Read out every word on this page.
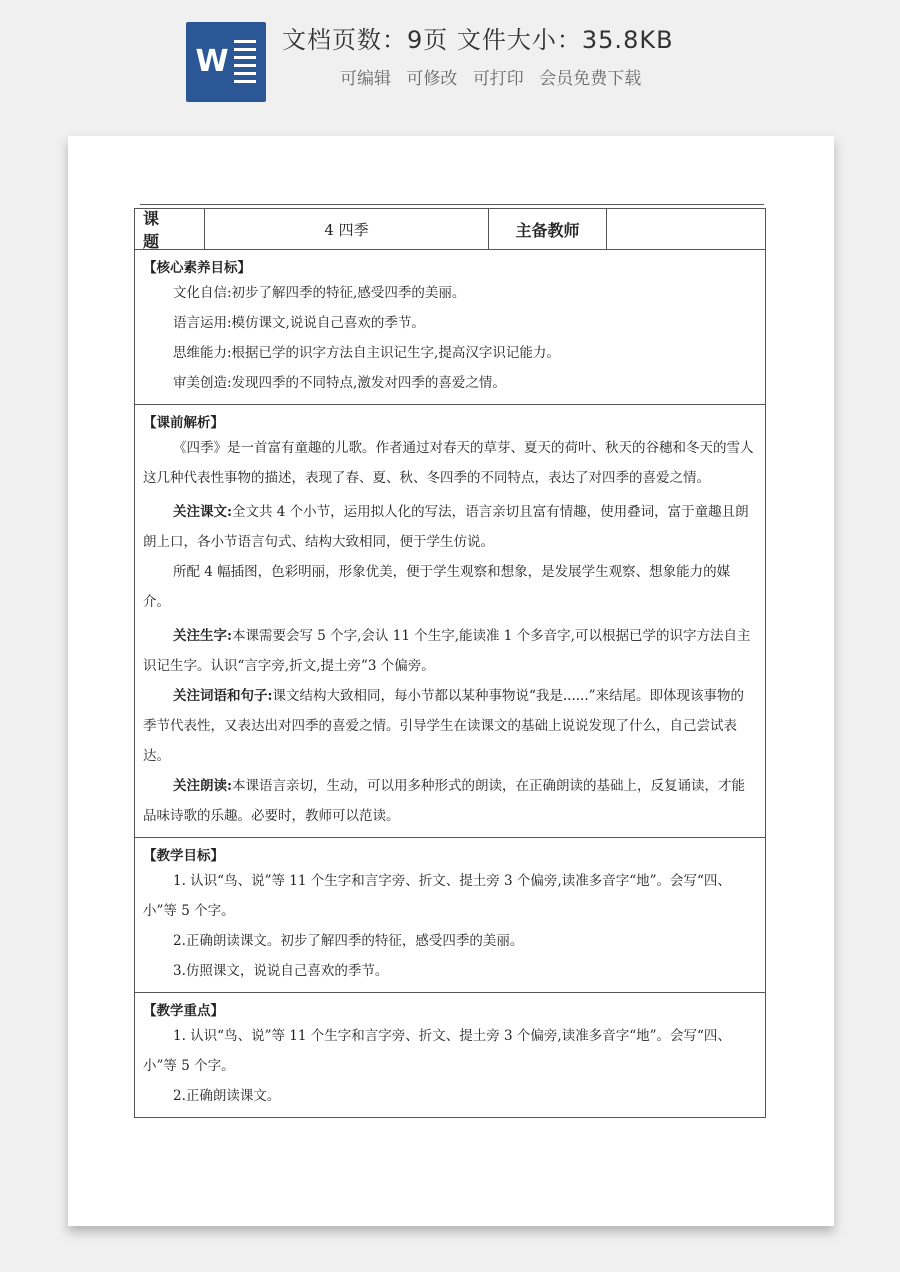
W
文档页数：9页 文件大小：35.8KB
可编辑 可修改 可打印 会员免费下载
课 题
4 四季	主备教师
【核心素养目标】
文化自信:初步了解四季的特征,感受四季的美丽。
语言运用:模仿课文,说说自己喜欢的季节。
思维能力:根据已学的识字方法自主识记生字,提高汉字识记能力。
审美创造:发现四季的不同特点,激发对四季的喜爱之情。
【课前解析】

《四季》是一首富有童趣的儿歌。作者通过对春天的草芽、夏天的荷叶、秋天的谷穗和冬天的雪人这几种代表性事物的描述，表现了春、夏、秋、冬四季的不同特点，表达了对四季的喜爱之情。

关注课文:全文共 4 个小节，运用拟人化的写法，语言亲切且富有情趣，使用叠词，富于童趣且朗朗上口，各小节语言句式、结构大致相同，便于学生仿说。

所配 4 幅插图，色彩明丽，形象优美，便于学生观察和想象，是发展学生观察、想象能力的媒介。

关注生字:本课需要会写 5 个字,会认 11 个生字,能读准 1 个多音字,可以根据已学的识字方法自主识记生字。认识“言字旁,折文,提土旁”3 个偏旁。

关注词语和句子:课文结构大致相同，每小节都以某种事物说“我是......”来结尾。即体现该事物的季节代表性，又表达出对四季的喜爱之情。引导学生在读课文的基础上说说发现了什么，自己尝试表达。

关注朗读:本课语言亲切，生动，可以用多种形式的朗读，在正确朗读的基础上，反复诵读，才能品味诗歌的乐趣。必要时，教师可以范读。

【教学目标】

1. 认识“鸟、说”等 11 个生字和言字旁、折文、提土旁 3 个偏旁,读准多音字“地”。会写“四、小”等 5 个字。

2.正确朗读课文。初步了解四季的特征，感受四季的美丽。

3.仿照课文，说说自己喜欢的季节。

【教学重点】

1. 认识“鸟、说”等 11 个生字和言字旁、折文、提土旁 3 个偏旁,读准多音字“地”。会写“四、小”等 5 个字。

2.正确朗读课文。
